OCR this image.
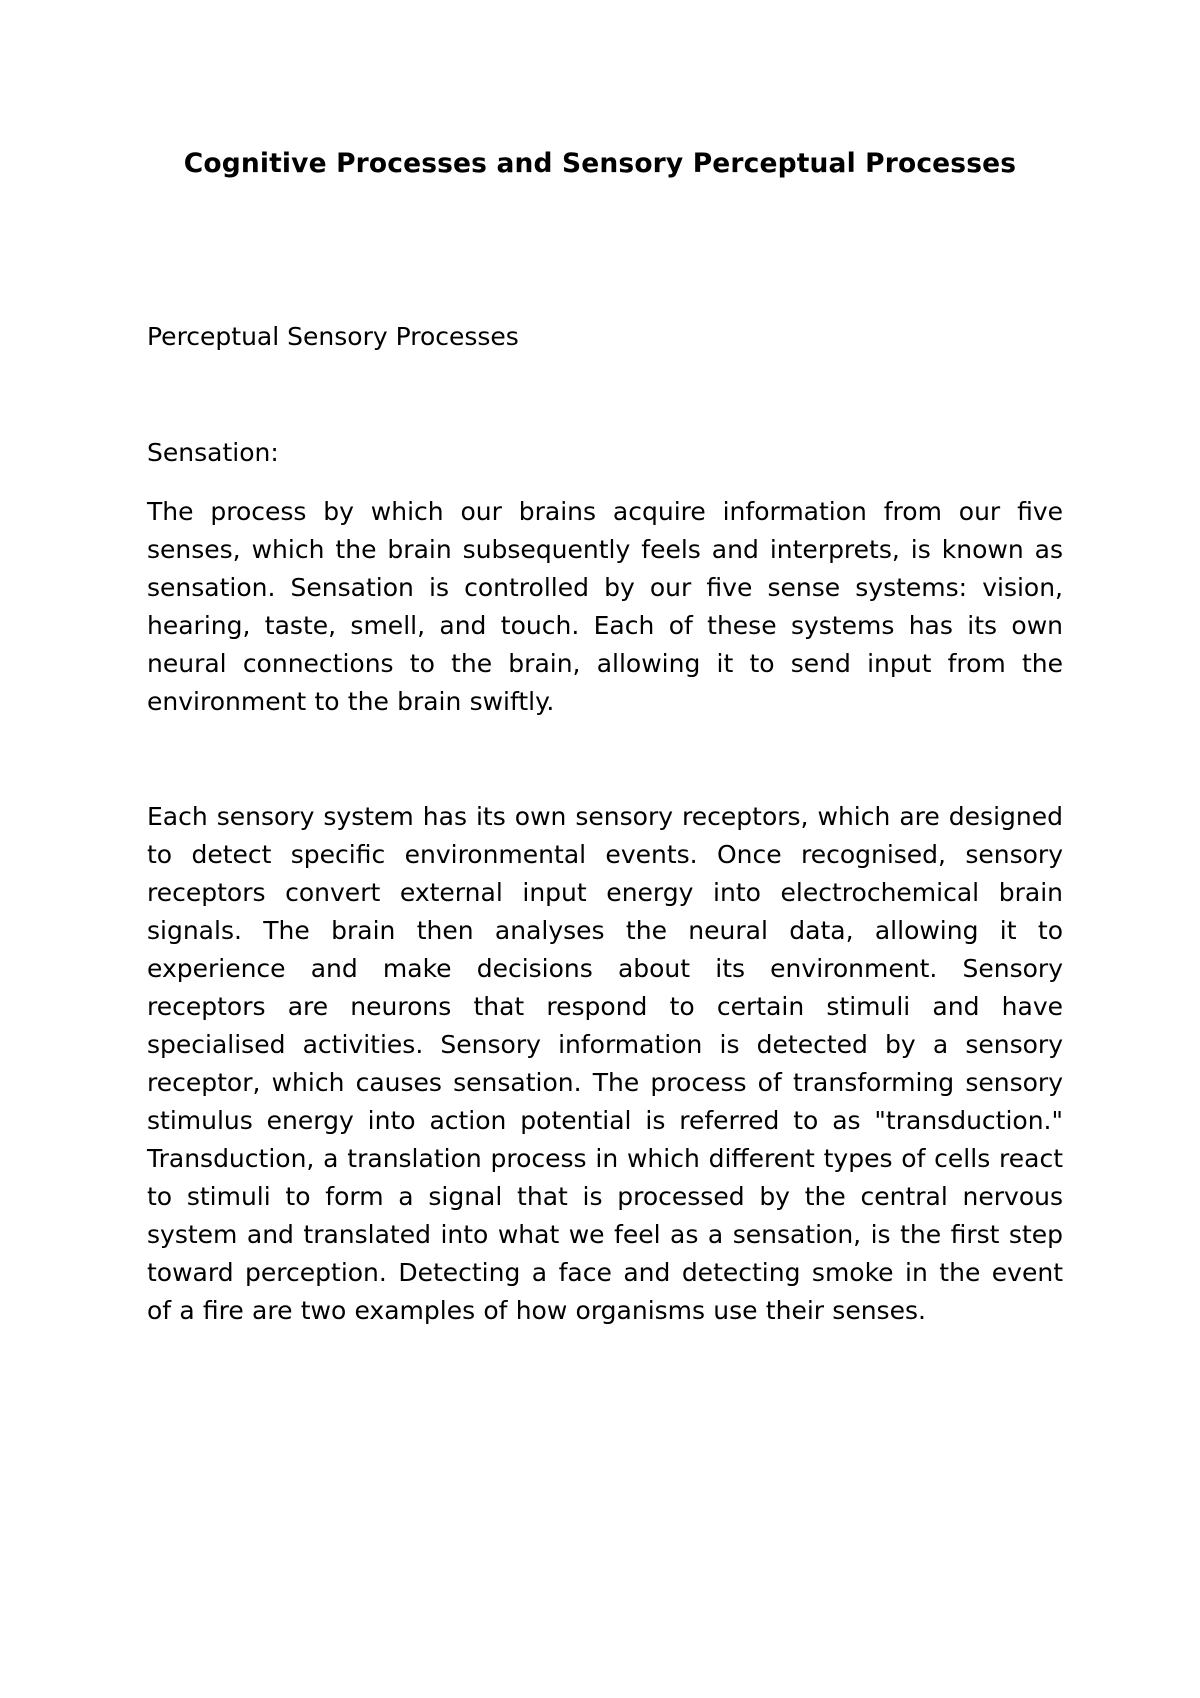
Cognitive Processes and Sensory Perceptual Processes
Perceptual Sensory Processes
Sensation:

The process by which our brains acquire information from our five senses, which the brain subsequently feels and interprets, is known as sensation. Sensation is controlled by our five sense systems: vision, hearing, taste, smell, and touch. Each of these systems has its own neural connections to the brain, allowing it to send input from the environment to the brain swiftly.

Each sensory system has its own sensory receptors, which are designed to detect specific environmental events. Once recognised, sensory receptors convert external input energy into electrochemical brain signals. The brain then analyses the neural data, allowing it to experience and make decisions about its environment. Sensory receptors are neurons that respond to certain stimuli and have specialised activities. Sensory information is detected by a sensory receptor, which causes sensation. The process of transforming sensory stimulus energy into action potential is referred to as "transduction." Transduction, a translation process in which different types of cells react to stimuli to form a signal that is processed by the central nervous system and translated into what we feel as a sensation, is the first step toward perception. Detecting a face and detecting smoke in the event of a fire are two examples of how organisms use their senses.
